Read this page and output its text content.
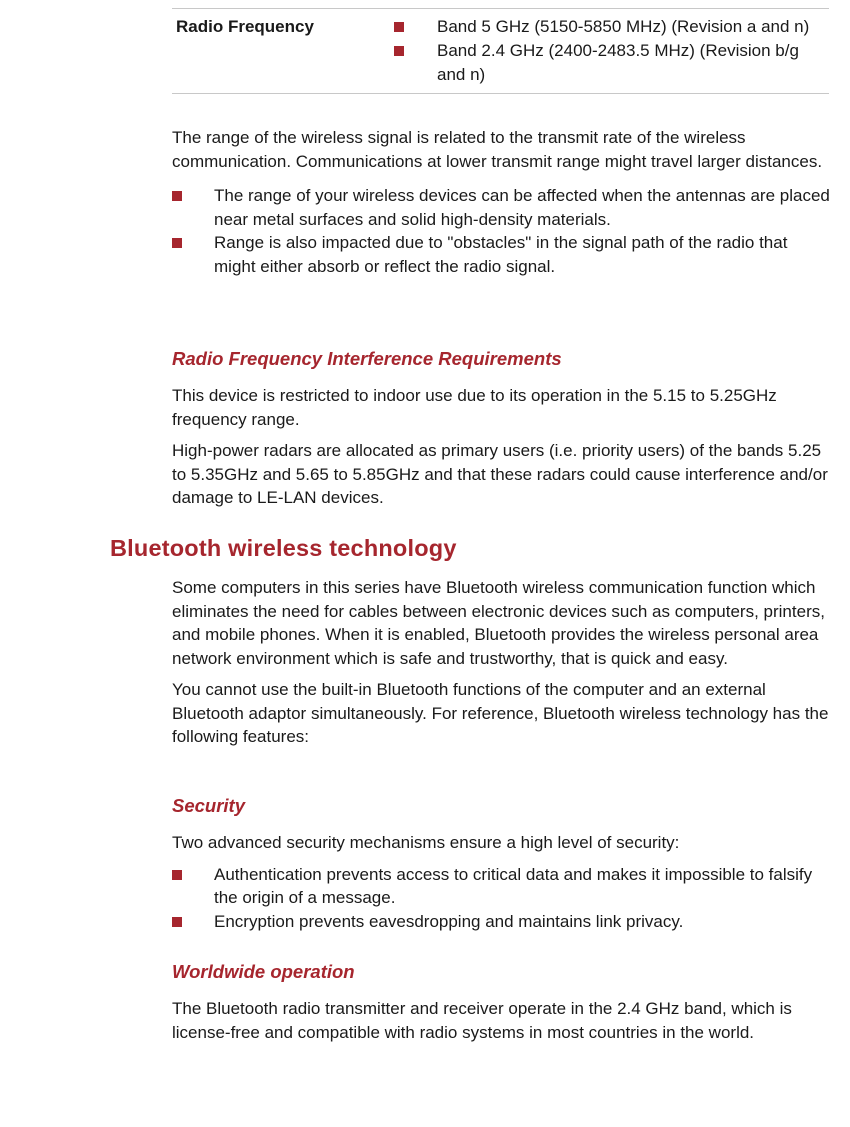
Radio Frequency	Band 5 GHz (5150-5850 MHz) (Revision a and n)
Band 2.4 GHz (2400-2483.5 MHz) (Revision b/g and n)

The range of the wireless signal is related to the transmit rate of the wireless communication. Communications at lower transmit range might travel larger distances.

The range of your wireless devices can be affected when the antennas are placed near metal surfaces and solid high-density materials.
Range is also impacted due to "obstacles" in the signal path of the radio that might either absorb or reflect the radio signal.
Radio Frequency Interference Requirements

This device is restricted to indoor use due to its operation in the 5.15 to 5.25GHz frequency range.

High-power radars are allocated as primary users (i.e. priority users) of the bands 5.25 to 5.35GHz and 5.65 to 5.85GHz and that these radars could cause interference and/or damage to LE-LAN devices.

Bluetooth wireless technology

Some computers in this series have Bluetooth wireless communication function which eliminates the need for cables between electronic devices such as computers, printers, and mobile phones. When it is enabled, Bluetooth provides the wireless personal area network environment which is safe and trustworthy, that is quick and easy.

You cannot use the built-in Bluetooth functions of the computer and an external Bluetooth adaptor simultaneously. For reference, Bluetooth wireless technology has the following features:

Security

Two advanced security mechanisms ensure a high level of security:

Authentication prevents access to critical data and makes it impossible to falsify the origin of a message.
Encryption prevents eavesdropping and maintains link privacy.
Worldwide operation

The Bluetooth radio transmitter and receiver operate in the 2.4 GHz band, which is license-free and compatible with radio systems in most countries in the world.
